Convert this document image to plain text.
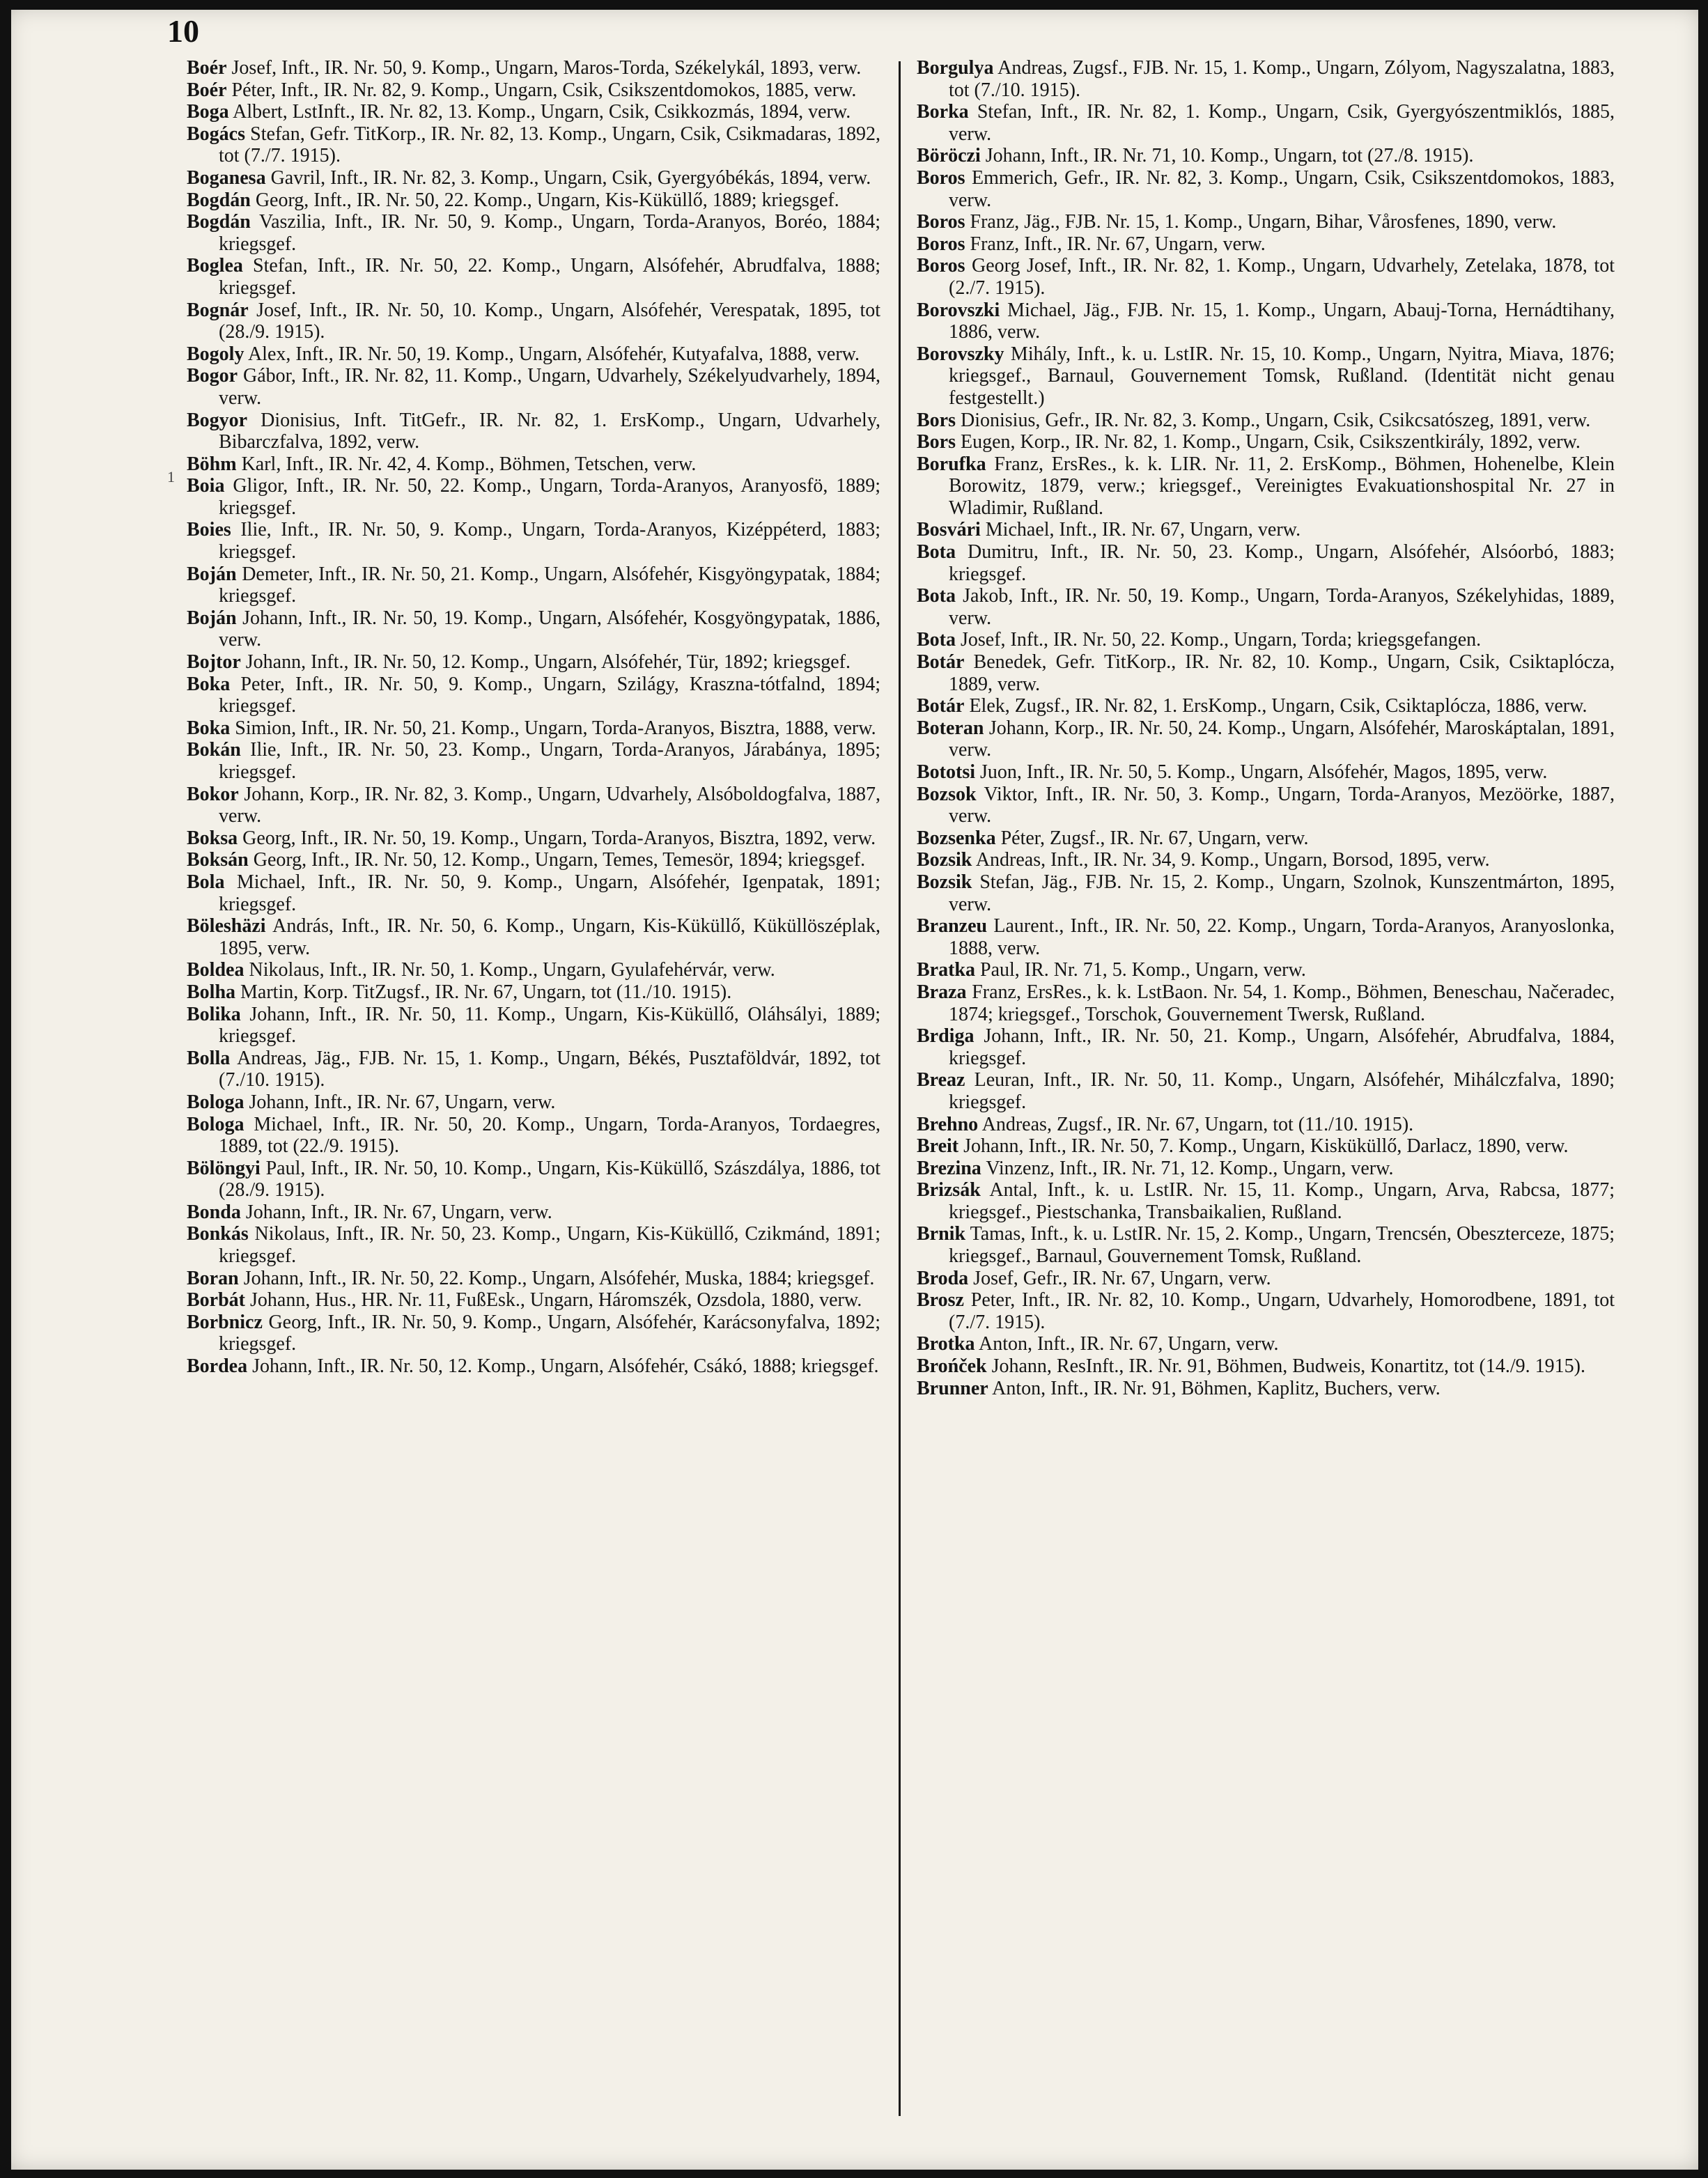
10
1
Boér Josef, Inft., IR. Nr. 50, 9. Komp., Ungarn, Maros-Torda, Székelykál, 1893, verw.
Boér Péter, Inft., IR. Nr. 82, 9. Komp., Ungarn, Csik, Csikszentdomokos, 1885, verw.
Boga Albert, LstInft., IR. Nr. 82, 13. Komp., Ungarn, Csik, Csikkozmás, 1894, verw.
Bogács Stefan, Gefr. TitKorp., IR. Nr. 82, 13. Komp., Ungarn, Csik, Csikmadaras, 1892, tot (7./7. 1915).
Boganesa Gavril, Inft., IR. Nr. 82, 3. Komp., Ungarn, Csik, Gyergyóbékás, 1894, verw.
Bogdán Georg, Inft., IR. Nr. 50, 22. Komp., Ungarn, Kis-Küküllő, 1889; kriegsgef.
Bogdán Vaszilia, Inft., IR. Nr. 50, 9. Komp., Ungarn, Torda-Aranyos, Boréo, 1884; kriegsgef.
Boglea Stefan, Inft., IR. Nr. 50, 22. Komp., Ungarn, Alsófehér, Abrudfalva, 1888; kriegsgef.
Bognár Josef, Inft., IR. Nr. 50, 10. Komp., Ungarn, Alsófehér, Verespatak, 1895, tot (28./9. 1915).
Bogoly Alex, Inft., IR. Nr. 50, 19. Komp., Ungarn, Alsófehér, Kutyafalva, 1888, verw.
Bogor Gábor, Inft., IR. Nr. 82, 11. Komp., Ungarn, Udvarhely, Székelyudvarhely, 1894, verw.
Bogyor Dionisius, Inft. TitGefr., IR. Nr. 82, 1. ErsKomp., Ungarn, Udvarhely, Bibarczfalva, 1892, verw.
Böhm Karl, Inft., IR. Nr. 42, 4. Komp., Böhmen, Tetschen, verw.
Boia Gligor, Inft., IR. Nr. 50, 22. Komp., Ungarn, Torda-Aranyos, Aranyosfö, 1889; kriegsgef.
Boies Ilie, Inft., IR. Nr. 50, 9. Komp., Ungarn, Torda-Aranyos, Kizéppéterd, 1883; kriegsgef.
Boján Demeter, Inft., IR. Nr. 50, 21. Komp., Ungarn, Alsófehér, Kisgyöngypatak, 1884; kriegsgef.
Boján Johann, Inft., IR. Nr. 50, 19. Komp., Ungarn, Alsófehér, Kosgyöngypatak, 1886, verw.
Bojtor Johann, Inft., IR. Nr. 50, 12. Komp., Ungarn, Alsófehér, Tür, 1892; kriegsgef.
Boka Peter, Inft., IR. Nr. 50, 9. Komp., Ungarn, Szilágy, Kraszna-tótfalnd, 1894; kriegsgef.
Boka Simion, Inft., IR. Nr. 50, 21. Komp., Ungarn, Torda-Aranyos, Bisztra, 1888, verw.
Bokán Ilie, Inft., IR. Nr. 50, 23. Komp., Ungarn, Torda-Aranyos, Járabánya, 1895; kriegsgef.
Bokor Johann, Korp., IR. Nr. 82, 3. Komp., Ungarn, Udvarhely, Alsóboldogfalva, 1887, verw.
Boksa Georg, Inft., IR. Nr. 50, 19. Komp., Ungarn, Torda-Aranyos, Bisztra, 1892, verw.
Boksán Georg, Inft., IR. Nr. 50, 12. Komp., Ungarn, Temes, Temesör, 1894; kriegsgef.
Bola Michael, Inft., IR. Nr. 50, 9. Komp., Ungarn, Alsófehér, Igenpatak, 1891; kriegsgef.
Böleshäzi András, Inft., IR. Nr. 50, 6. Komp., Ungarn, Kis-Küküllő, Küküllöszéplak, 1895, verw.
Boldea Nikolaus, Inft., IR. Nr. 50, 1. Komp., Ungarn, Gyulafehérvár, verw.
Bolha Martin, Korp. TitZugsf., IR. Nr. 67, Ungarn, tot (11./10. 1915).
Bolika Johann, Inft., IR. Nr. 50, 11. Komp., Ungarn, Kis-Küküllő, Oláhsályi, 1889; kriegsgef.
Bolla Andreas, Jäg., FJB. Nr. 15, 1. Komp., Ungarn, Békés, Pusztaföldvár, 1892, tot (7./10. 1915).
Bologa Johann, Inft., IR. Nr. 67, Ungarn, verw.
Bologa Michael, Inft., IR. Nr. 50, 20. Komp., Ungarn, Torda-Aranyos, Tordaegres, 1889, tot (22./9. 1915).
Bölöngyi Paul, Inft., IR. Nr. 50, 10. Komp., Ungarn, Kis-Küküllő, Szászdálya, 1886, tot (28./9. 1915).
Bonda Johann, Inft., IR. Nr. 67, Ungarn, verw.
Bonkás Nikolaus, Inft., IR. Nr. 50, 23. Komp., Ungarn, Kis-Küküllő, Czikmánd, 1891; kriegsgef.
Boran Johann, Inft., IR. Nr. 50, 22. Komp., Ungarn, Alsófehér, Muska, 1884; kriegsgef.
Borbát Johann, Hus., HR. Nr. 11, FußEsk., Ungarn, Háromszék, Ozsdola, 1880, verw.
Borbnicz Georg, Inft., IR. Nr. 50, 9. Komp., Ungarn, Alsófehér, Karácsonyfalva, 1892; kriegsgef.
Bordea Johann, Inft., IR. Nr. 50, 12. Komp., Ungarn, Alsófehér, Csákó, 1888; kriegsgef.
Borgulya Andreas, Zugsf., FJB. Nr. 15, 1. Komp., Ungarn, Zólyom, Nagyszalatna, 1883, tot (7./10. 1915).
Borka Stefan, Inft., IR. Nr. 82, 1. Komp., Ungarn, Csik, Gyergyószentmiklós, 1885, verw.
Böröczi Johann, Inft., IR. Nr. 71, 10. Komp., Ungarn, tot (27./8. 1915).
Boros Emmerich, Gefr., IR. Nr. 82, 3. Komp., Ungarn, Csik, Csikszentdomokos, 1883, verw.
Boros Franz, Jäg., FJB. Nr. 15, 1. Komp., Ungarn, Bihar, Vårosfenes, 1890, verw.
Boros Franz, Inft., IR. Nr. 67, Ungarn, verw.
Boros Georg Josef, Inft., IR. Nr. 82, 1. Komp., Ungarn, Udvarhely, Zetelaka, 1878, tot (2./7. 1915).
Borovszki Michael, Jäg., FJB. Nr. 15, 1. Komp., Ungarn, Abauj-Torna, Hernádtihany, 1886, verw.
Borovszky Mihály, Inft., k. u. LstIR. Nr. 15, 10. Komp., Ungarn, Nyitra, Miava, 1876; kriegsgef., Barnaul, Gouvernement Tomsk, Rußland. (Identität nicht genau festgestellt.)
Bors Dionisius, Gefr., IR. Nr. 82, 3. Komp., Ungarn, Csik, Csikcsatószeg, 1891, verw.
Bors Eugen, Korp., IR. Nr. 82, 1. Komp., Ungarn, Csik, Csikszentkirály, 1892, verw.
Borufka Franz, ErsRes., k. k. LIR. Nr. 11, 2. ErsKomp., Böhmen, Hohenelbe, Klein Borowitz, 1879, verw.; kriegsgef., Vereinigtes Evakuationshospital Nr. 27 in Wladimir, Rußland.
Bosvári Michael, Inft., IR. Nr. 67, Ungarn, verw.
Bota Dumitru, Inft., IR. Nr. 50, 23. Komp., Ungarn, Alsófehér, Alsóorbó, 1883; kriegsgef.
Bota Jakob, Inft., IR. Nr. 50, 19. Komp., Ungarn, Torda-Aranyos, Székelyhidas, 1889, verw.
Bota Josef, Inft., IR. Nr. 50, 22. Komp., Ungarn, Torda; kriegsgefangen.
Botár Benedek, Gefr. TitKorp., IR. Nr. 82, 10. Komp., Ungarn, Csik, Csiktaplócza, 1889, verw.
Botár Elek, Zugsf., IR. Nr. 82, 1. ErsKomp., Ungarn, Csik, Csiktaplócza, 1886, verw.
Boteran Johann, Korp., IR. Nr. 50, 24. Komp., Ungarn, Alsófehér, Maroskáptalan, 1891, verw.
Bototsi Juon, Inft., IR. Nr. 50, 5. Komp., Ungarn, Alsófehér, Magos, 1895, verw.
Bozsok Viktor, Inft., IR. Nr. 50, 3. Komp., Ungarn, Torda-Aranyos, Mezöörke, 1887, verw.
Bozsenka Péter, Zugsf., IR. Nr. 67, Ungarn, verw.
Bozsik Andreas, Inft., IR. Nr. 34, 9. Komp., Ungarn, Borsod, 1895, verw.
Bozsik Stefan, Jäg., FJB. Nr. 15, 2. Komp., Ungarn, Szolnok, Kunszentmárton, 1895, verw.
Branzeu Laurent., Inft., IR. Nr. 50, 22. Komp., Ungarn, Torda-Aranyos, Aranyoslonka, 1888, verw.
Bratka Paul, IR. Nr. 71, 5. Komp., Ungarn, verw.
Braza Franz, ErsRes., k. k. LstBaon. Nr. 54, 1. Komp., Böhmen, Beneschau, Načeradec, 1874; kriegsgef., Torschok, Gouvernement Twersk, Rußland.
Brdiga Johann, Inft., IR. Nr. 50, 21. Komp., Ungarn, Alsófehér, Abrudfalva, 1884, kriegsgef.
Breaz Leuran, Inft., IR. Nr. 50, 11. Komp., Ungarn, Alsófehér, Mihálczfalva, 1890; kriegsgef.
Brehno Andreas, Zugsf., IR. Nr. 67, Ungarn, tot (11./10. 1915).
Breit Johann, Inft., IR. Nr. 50, 7. Komp., Ungarn, Kisküküllő, Darlacz, 1890, verw.
Brezina Vinzenz, Inft., IR. Nr. 71, 12. Komp., Ungarn, verw.
Brizsák Antal, Inft., k. u. LstIR. Nr. 15, 11. Komp., Ungarn, Arva, Rabcsa, 1877; kriegsgef., Piestschanka, Transbaikalien, Rußland.
Brnik Tamas, Inft., k. u. LstIR. Nr. 15, 2. Komp., Ungarn, Trencsén, Obeszterceze, 1875; kriegsgef., Barnaul, Gouvernement Tomsk, Rußland.
Broda Josef, Gefr., IR. Nr. 67, Ungarn, verw.
Brosz Peter, Inft., IR. Nr. 82, 10. Komp., Ungarn, Udvarhely, Homorodbene, 1891, tot (7./7. 1915).
Brotka Anton, Inft., IR. Nr. 67, Ungarn, verw.
Brońček Johann, ResInft., IR. Nr. 91, Böhmen, Budweis, Konartitz, tot (14./9. 1915).
Brunner Anton, Inft., IR. Nr. 91, Böhmen, Kaplitz, Buchers, verw.
